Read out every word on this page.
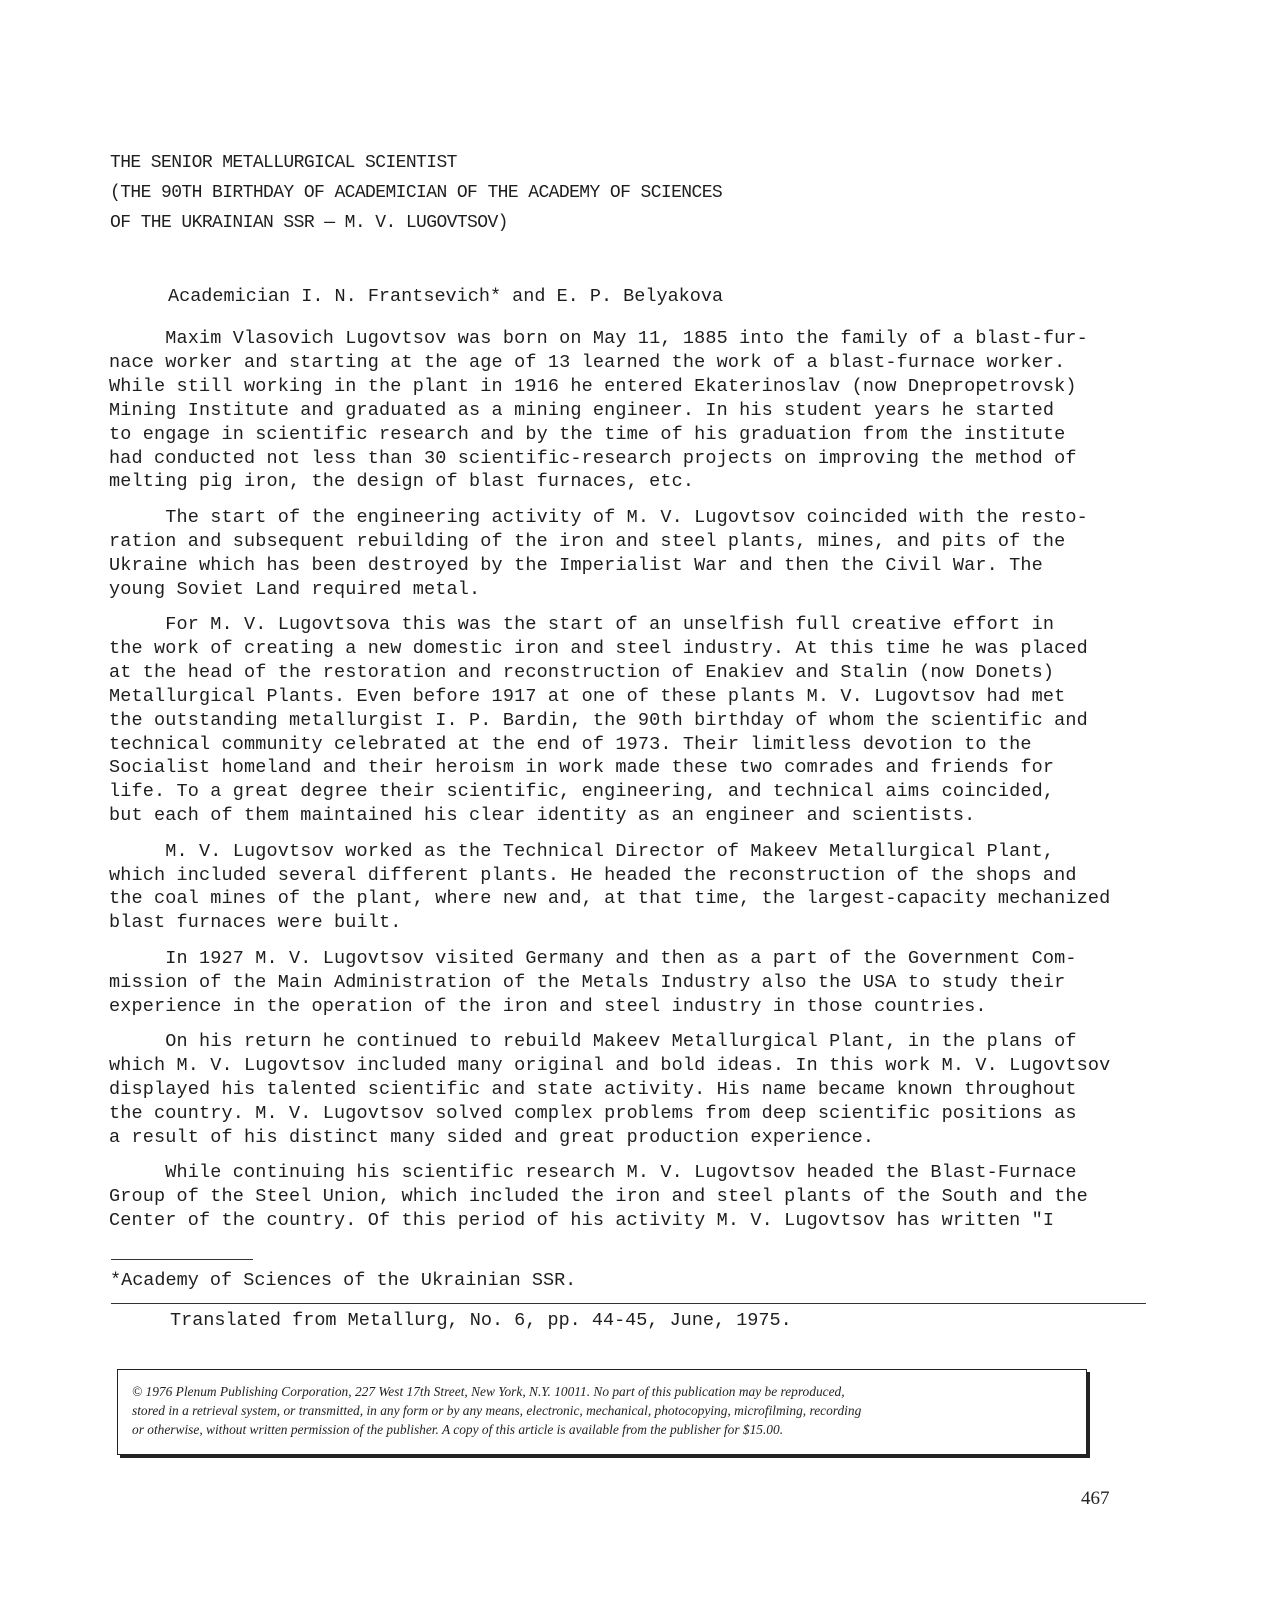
THE SENIOR METALLURGICAL SCIENTIST
(THE 90TH BIRTHDAY OF ACADEMICIAN OF THE ACADEMY OF SCIENCES
OF THE UKRAINIAN SSR — M. V. LUGOVTSOV)
Academician I. N. Frantsevich* and E. P. Belyakova
Maxim Vlasovich Lugovtsov was born on May 11, 1885 into the family of a blast-fur-
nace worker and starting at the age of 13 learned the work of a blast-furnace worker.
While still working in the plant in 1916 he entered Ekaterinoslav (now Dnepropetrovsk)
Mining Institute and graduated as a mining engineer. In his student years he started
to engage in scientific research and by the time of his graduation from the institute
had conducted not less than 30 scientific-research projects on improving the method of
melting pig iron, the design of blast furnaces, etc.
The start of the engineering activity of M. V. Lugovtsov coincided with the resto-
ration and subsequent rebuilding of the iron and steel plants, mines, and pits of the
Ukraine which has been destroyed by the Imperialist War and then the Civil War. The
young Soviet Land required metal.
For M. V. Lugovtsova this was the start of an unselfish full creative effort in
the work of creating a new domestic iron and steel industry. At this time he was placed
at the head of the restoration and reconstruction of Enakiev and Stalin (now Donets)
Metallurgical Plants. Even before 1917 at one of these plants M. V. Lugovtsov had met
the outstanding metallurgist I. P. Bardin, the 90th birthday of whom the scientific and
technical community celebrated at the end of 1973. Their limitless devotion to the
Socialist homeland and their heroism in work made these two comrades and friends for
life. To a great degree their scientific, engineering, and technical aims coincided,
but each of them maintained his clear identity as an engineer and scientists.
M. V. Lugovtsov worked as the Technical Director of Makeev Metallurgical Plant,
which included several different plants. He headed the reconstruction of the shops and
the coal mines of the plant, where new and, at that time, the largest-capacity mechanized
blast furnaces were built.
In 1927 M. V. Lugovtsov visited Germany and then as a part of the Government Com-
mission of the Main Administration of the Metals Industry also the USA to study their
experience in the operation of the iron and steel industry in those countries.
On his return he continued to rebuild Makeev Metallurgical Plant, in the plans of
which M. V. Lugovtsov included many original and bold ideas. In this work M. V. Lugovtsov
displayed his talented scientific and state activity. His name became known throughout
the country. M. V. Lugovtsov solved complex problems from deep scientific positions as
a result of his distinct many sided and great production experience.
While continuing his scientific research M. V. Lugovtsov headed the Blast-Furnace
Group of the Steel Union, which included the iron and steel plants of the South and the
Center of the country. Of this period of his activity M. V. Lugovtsov has written "I
*Academy of Sciences of the Ukrainian SSR.
Translated from Metallurg, No. 6, pp. 44-45, June, 1975.
© 1976 Plenum Publishing Corporation, 227 West 17th Street, New York, N.Y. 10011. No part of this publication may be reproduced,
stored in a retrieval system, or transmitted, in any form or by any means, electronic, mechanical, photocopying, microfilming, recording
or otherwise, without written permission of the publisher. A copy of this article is available from the publisher for $15.00.
467
